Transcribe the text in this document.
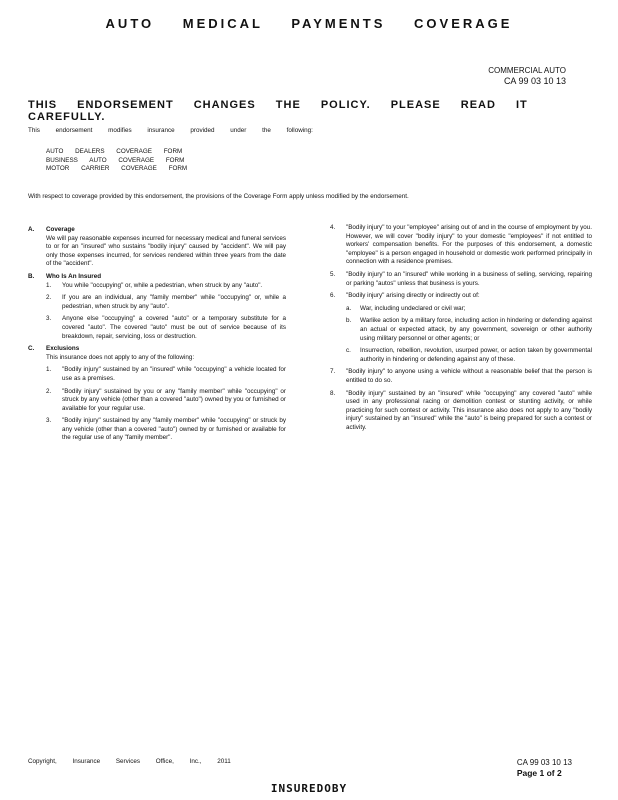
AUTO MEDICAL PAYMENTS COVERAGE
COMMERCIAL AUTO
CA 99 03 10 13
THIS ENDORSEMENT CHANGES THE POLICY. PLEASE READ IT CAREFULLY.
This endorsement modifies insurance provided under the following:
AUTO DEALERS COVERAGE FORM
BUSINESS AUTO COVERAGE FORM
MOTOR CARRIER COVERAGE FORM
With respect to coverage provided by this endorsement, the provisions of the Coverage Form apply unless modified by the endorsement.
A. Coverage
We will pay reasonable expenses incurred for necessary medical and funeral services to or for an "insured" who sustains "bodily injury" caused by "accident". We will pay only those expenses incurred, for services rendered within three years from the date of the "accident".
B. Who Is An Insured
1. You while "occupying" or, while a pedestrian, when struck by any "auto".
2. If you are an individual, any "family member" while "occupying" or, while a pedestrian, when struck by any "auto".
3. Anyone else "occupying" a covered "auto" or a temporary substitute for a covered "auto". The covered "auto" must be out of service because of its breakdown, repair, servicing, loss or destruction.
C. Exclusions
This insurance does not apply to any of the following:
1. "Bodily injury" sustained by an "insured" while "occupying" a vehicle located for use as a premises.
2. "Bodily injury" sustained by you or any "family member" while "occupying" or struck by any vehicle (other than a covered "auto") owned by you or furnished or available for your regular use.
3. "Bodily injury" sustained by any "family member" while "occupying" or struck by any vehicle (other than a covered "auto") owned by or furnished or available for the regular use of any "family member".
4. "Bodily injury" to your "employee" arising out of and in the course of employment by you. However, we will cover "bodily injury" to your domestic "employees" if not entitled to workers' compensation benefits. For the purposes of this endorsement, a domestic "employee" is a person engaged in household or domestic work performed principally in connection with a residence premises.
5. "Bodily injury" to an "insured" while working in a business of selling, servicing, repairing or parking "autos" unless that business is yours.
6. "Bodily injury" arising directly or indirectly out of:
a. War, including undeclared or civil war;
b. Warlike action by a military force, including action in hindering or defending against an actual or expected attack, by any government, sovereign or other authority using military personnel or other agents; or
c. Insurrection, rebellion, revolution, usurped power, or action taken by governmental authority in hindering or defending against any of these.
7. "Bodily injury" to anyone using a vehicle without a reasonable belief that the person is entitled to do so.
8. "Bodily injury" sustained by an "insured" while "occupying" any covered "auto" while used in any professional racing or demolition contest or stunting activity, or while practicing for such contest or activity. This insurance also does not apply to any "bodily injury" sustained by an "insured" while the "auto" is being prepared for such a contest or activity.
Copyright, Insurance Services Office, Inc., 2011	CA 99 03 10 13
Page 1 of 2
INSUREDOBY
